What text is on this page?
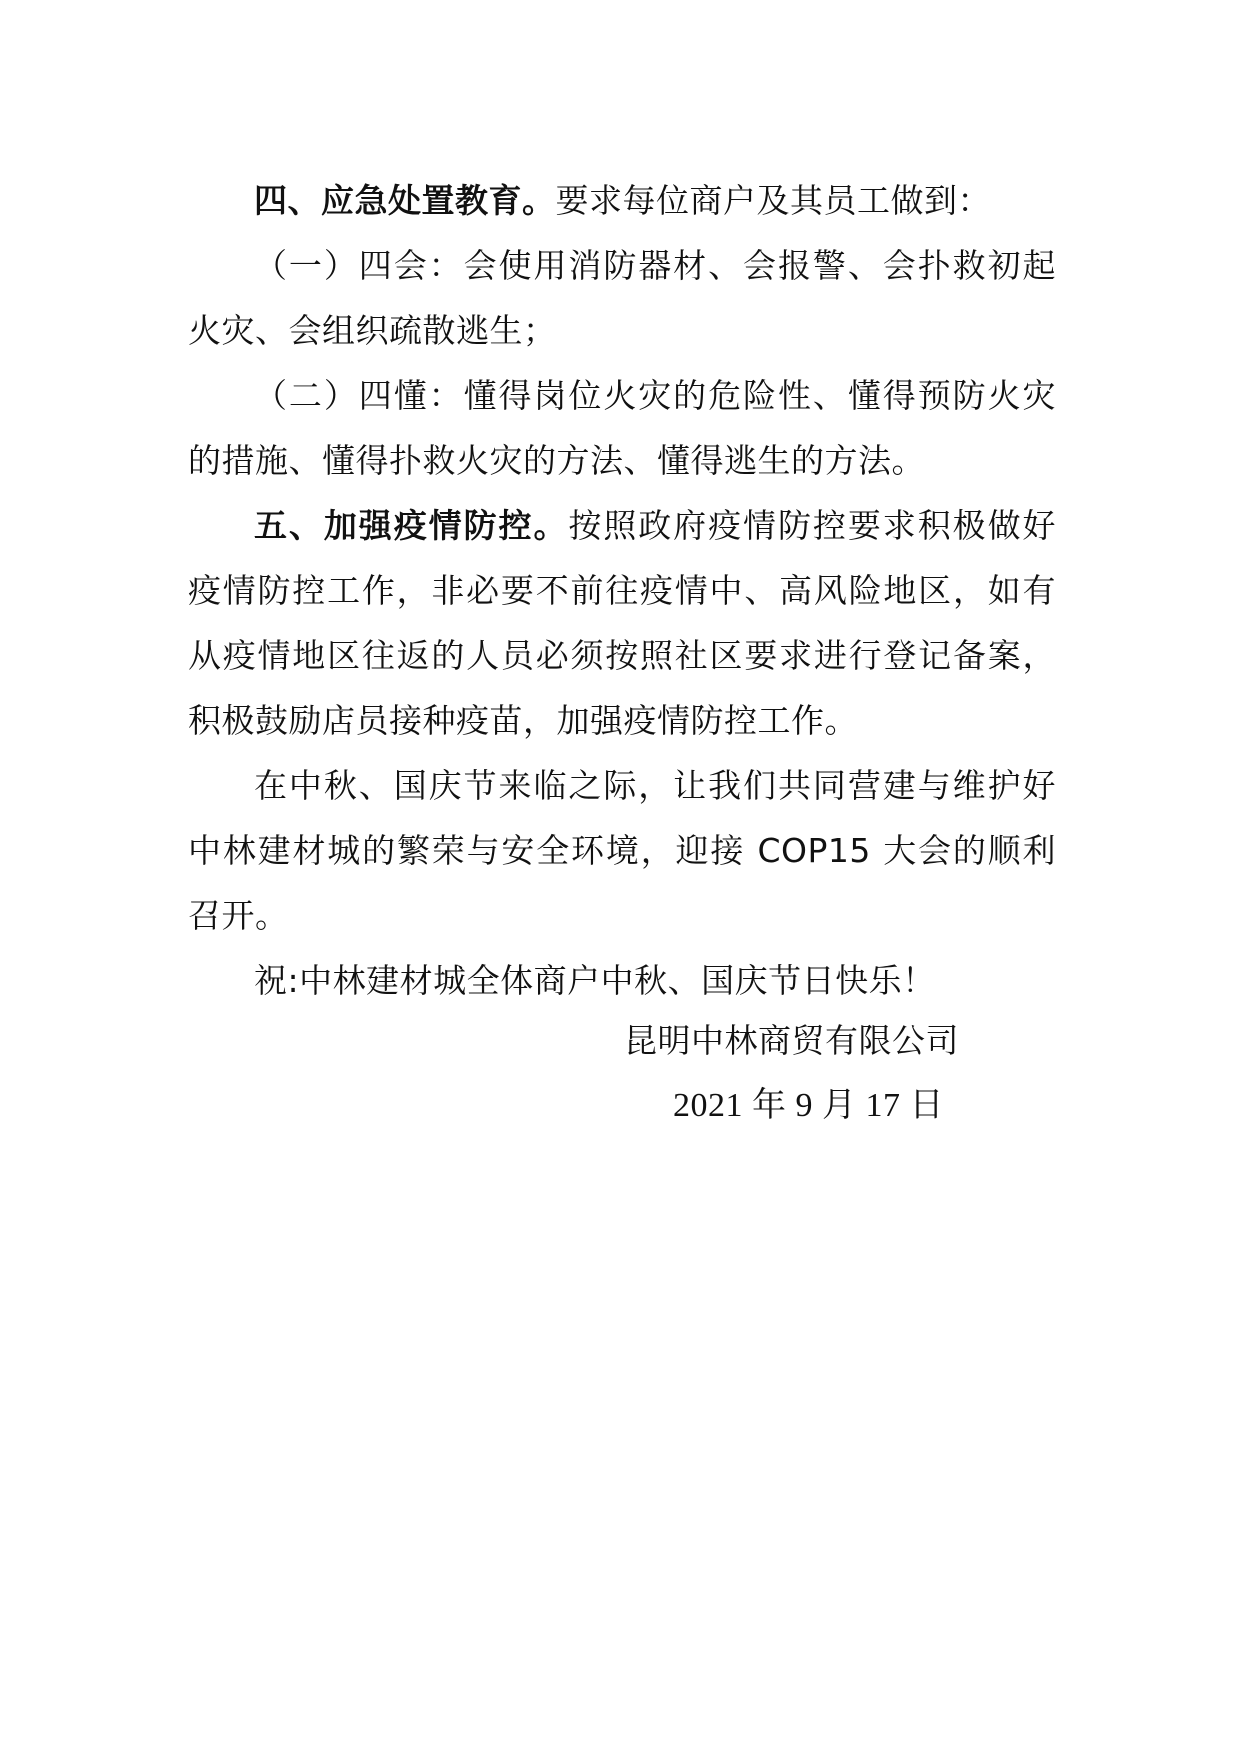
四、应急处置教育。要求每位商户及其员工做到：

（一）四会：会使用消防器材、会报警、会扑救初起火灾、会组织疏散逃生；

（二）四懂：懂得岗位火灾的危险性、懂得预防火灾的措施、懂得扑救火灾的方法、懂得逃生的方法。

五、加强疫情防控。按照政府疫情防控要求积极做好疫情防控工作，非必要不前往疫情中、高风险地区，如有从疫情地区往返的人员必须按照社区要求进行登记备案，积极鼓励店员接种疫苗，加强疫情防控工作。

在中秋、国庆节来临之际，让我们共同营建与维护好中林建材城的繁荣与安全环境，迎接 COP15 大会的顺利召开。

祝:中林建材城全体商户中秋、国庆节日快乐！

昆明中林商贸有限公司
2021 年 9 月 17 日
